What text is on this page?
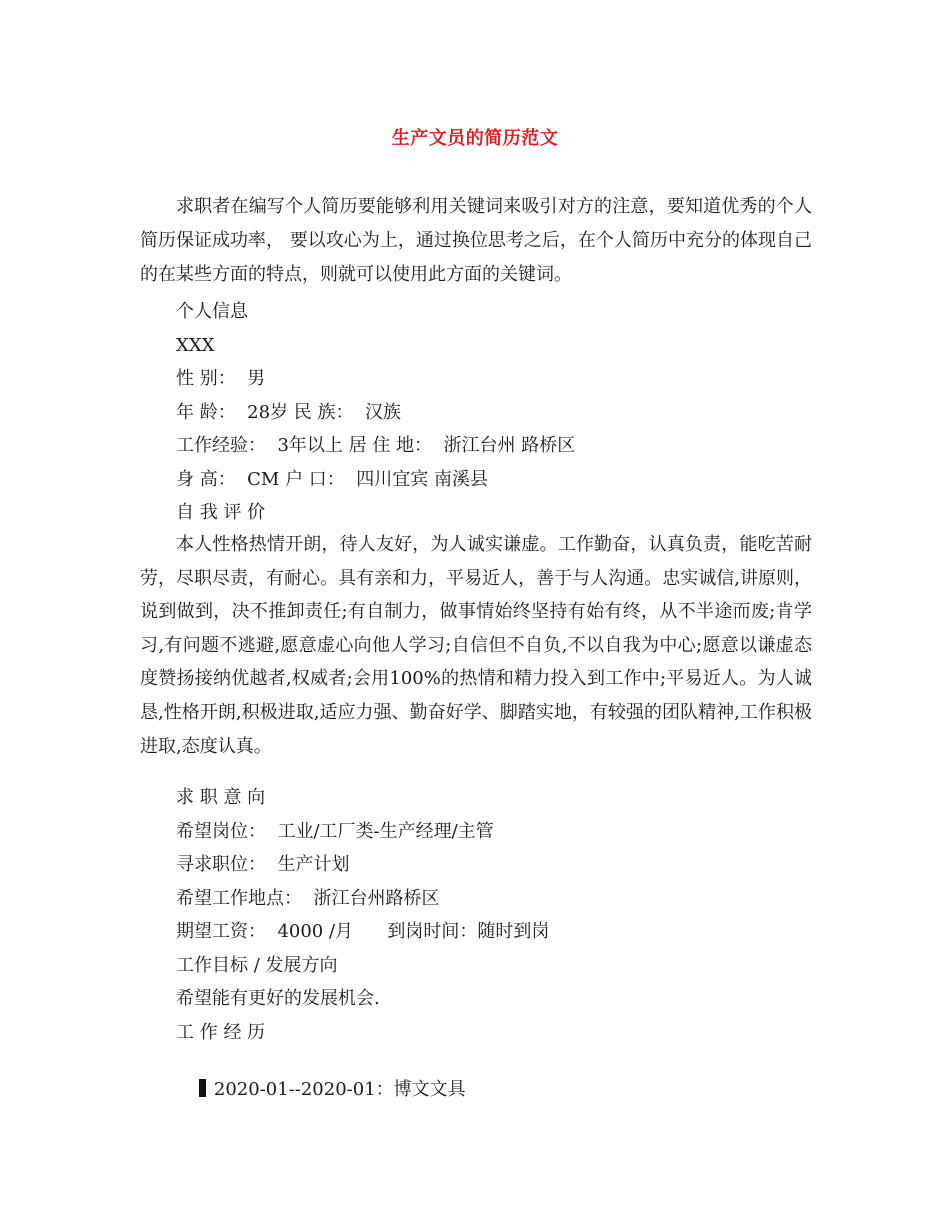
生产文员的简历范文
求职者在编写个人简历要能够利用关键词来吸引对方的注意，要知道优秀的个人简历保证成功率， 要以攻心为上，通过换位思考之后，在个人简历中充分的体现自己的在某些方面的特点，则就可以使用此方面的关键词。
个人信息
XXX
性 别：  男
年 龄：  28岁 民 族：  汉族
工作经验：  3年以上 居 住 地：  浙江台州 路桥区
身 高：  CM 户 口：  四川宜宾 南溪县
自 我 评 价
本人性格热情开朗，待人友好，为人诚实谦虚。工作勤奋，认真负责，能吃苦耐劳，尽职尽责，有耐心。具有亲和力，平易近人，善于与人沟通。忠实诚信,讲原则，说到做到，决不推卸责任;有自制力，做事情始终坚持有始有终，从不半途而废;肯学习,有问题不逃避,愿意虚心向他人学习;自信但不自负,不以自我为中心;愿意以谦虚态度赞扬接纳优越者,权威者;会用100%的热情和精力投入到工作中;平易近人。为人诚恳,性格开朗,积极进取,适应力强、勤奋好学、脚踏实地，有较强的团队精神,工作积极进取,态度认真。
求 职 意 向
希望岗位：  工业/工厂类-生产经理/主管
寻求职位：  生产计划
希望工作地点：  浙江台州路桥区
期望工资：  4000 /月      到岗时间：随时到岗
工作目标 / 发展方向
希望能有更好的发展机会.
工 作 经 历

2020-01--2020-01：博文文具
